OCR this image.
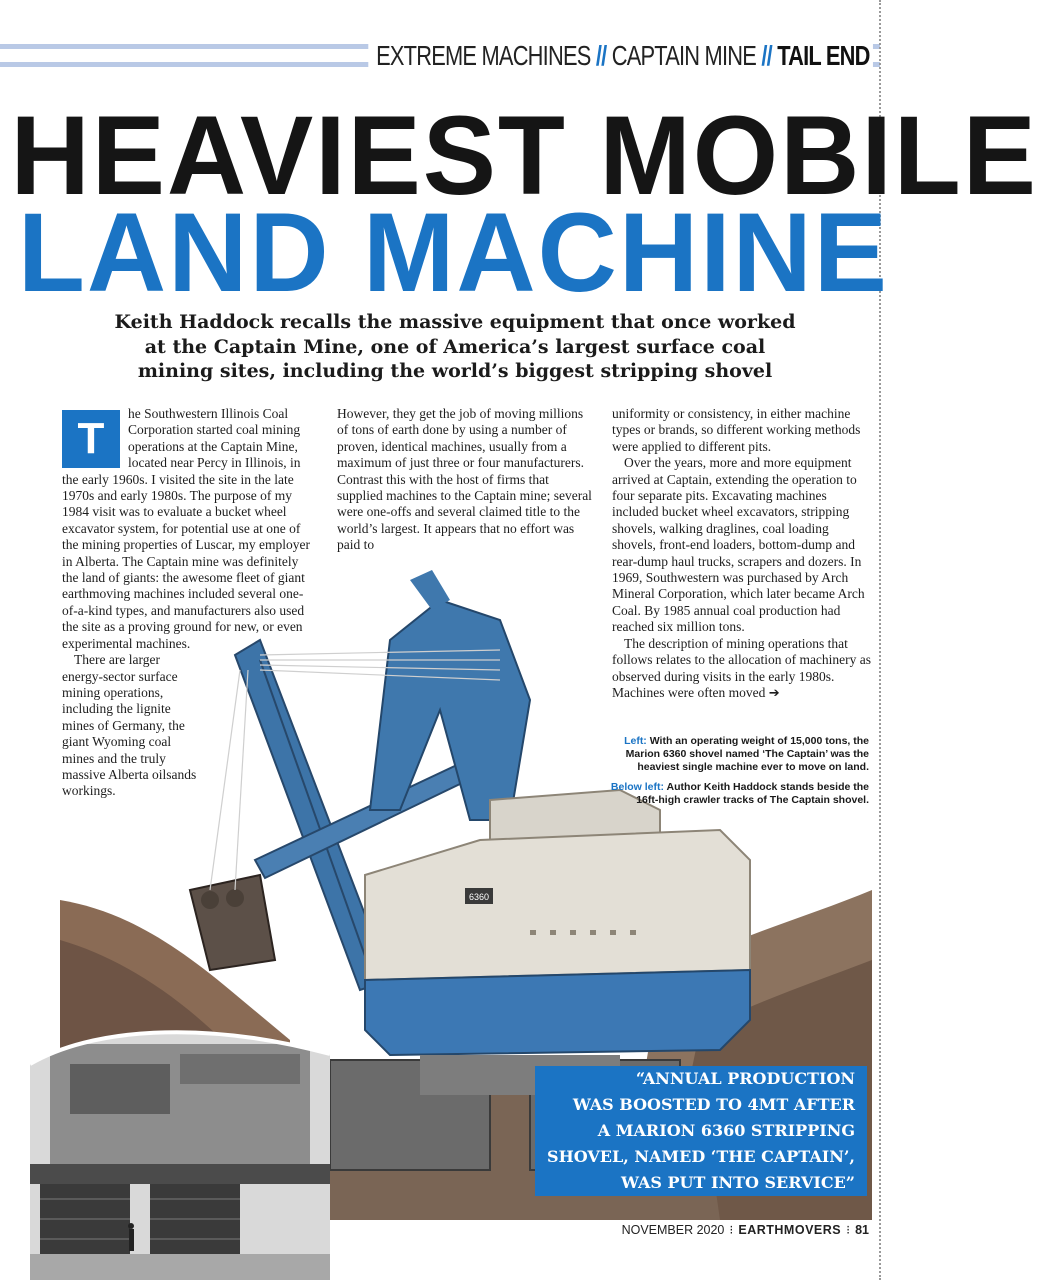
EXTREME MACHINES // CAPTAIN MINE // TAIL END
HEAVIEST MOBILE
LAND MACHINE
Keith Haddock recalls the massive equipment that once worked at the Captain Mine, one of America’s largest surface coal mining sites, including the world’s biggest stripping shovel

T
he Southwestern Illinois Coal Corporation started coal mining operations at the Captain Mine, located near Percy in Illinois, in the early 1960s. I visited the site in the late 1970s and early 1980s. The purpose of my 1984 visit was to evaluate a bucket wheel excavator system, for potential use at one of the mining properties of Luscar, my employer in Alberta. The Captain mine was definitely the land of giants: the awesome fleet of giant earthmoving machines included several one-of-a-kind types, and manufacturers also used the site as a proving ground for new, or even experimental machines.

There are larger energy-sector surface mining operations, including the lignite mines of Germany, the giant Wyoming coal mines and the truly massive Alberta oilsands workings.

However, they get the job of moving millions of tons of earth done by using a number of proven, identical machines, usually from a maximum of just three or four manufacturers. Contrast this with the host of firms that supplied machines to the Captain mine; several were one-offs and several claimed title to the world’s largest. It appears that no effort was paid to

uniformity or consistency, in either machine types or brands, so different working methods were applied to different pits.

Over the years, more and more equipment arrived at Captain, extending the operation to four separate pits. Excavating machines included bucket wheel excavators, stripping shovels, walking draglines, coal loading shovels, front-end loaders, bottom-dump and rear-dump haul trucks, scrapers and dozers. In 1969, Southwestern was purchased by Arch Mineral Corporation, which later became Arch Coal. By 1985 annual coal production had reached six million tons.

The description of mining operations that follows relates to the allocation of machinery as observed during visits in the early 1980s. Machines were often moved ➔

6360
Left: With an operating weight of 15,000 tons, the Marion 6360 shovel named ‘The Captain’ was the heaviest single machine ever to move on land.
Below left: Author Keith Haddock stands beside the 16ft-high crawler tracks of The Captain shovel.
“ANNUAL PRODUCTION
WAS BOOSTED TO 4MT AFTER
A MARION 6360 STRIPPING
SHOVEL, NAMED ‘THE CAPTAIN’,
WAS PUT INTO SERVICE”
NOVEMBER 2020 ⁝ EARTHMOVERS ⁝ 81
